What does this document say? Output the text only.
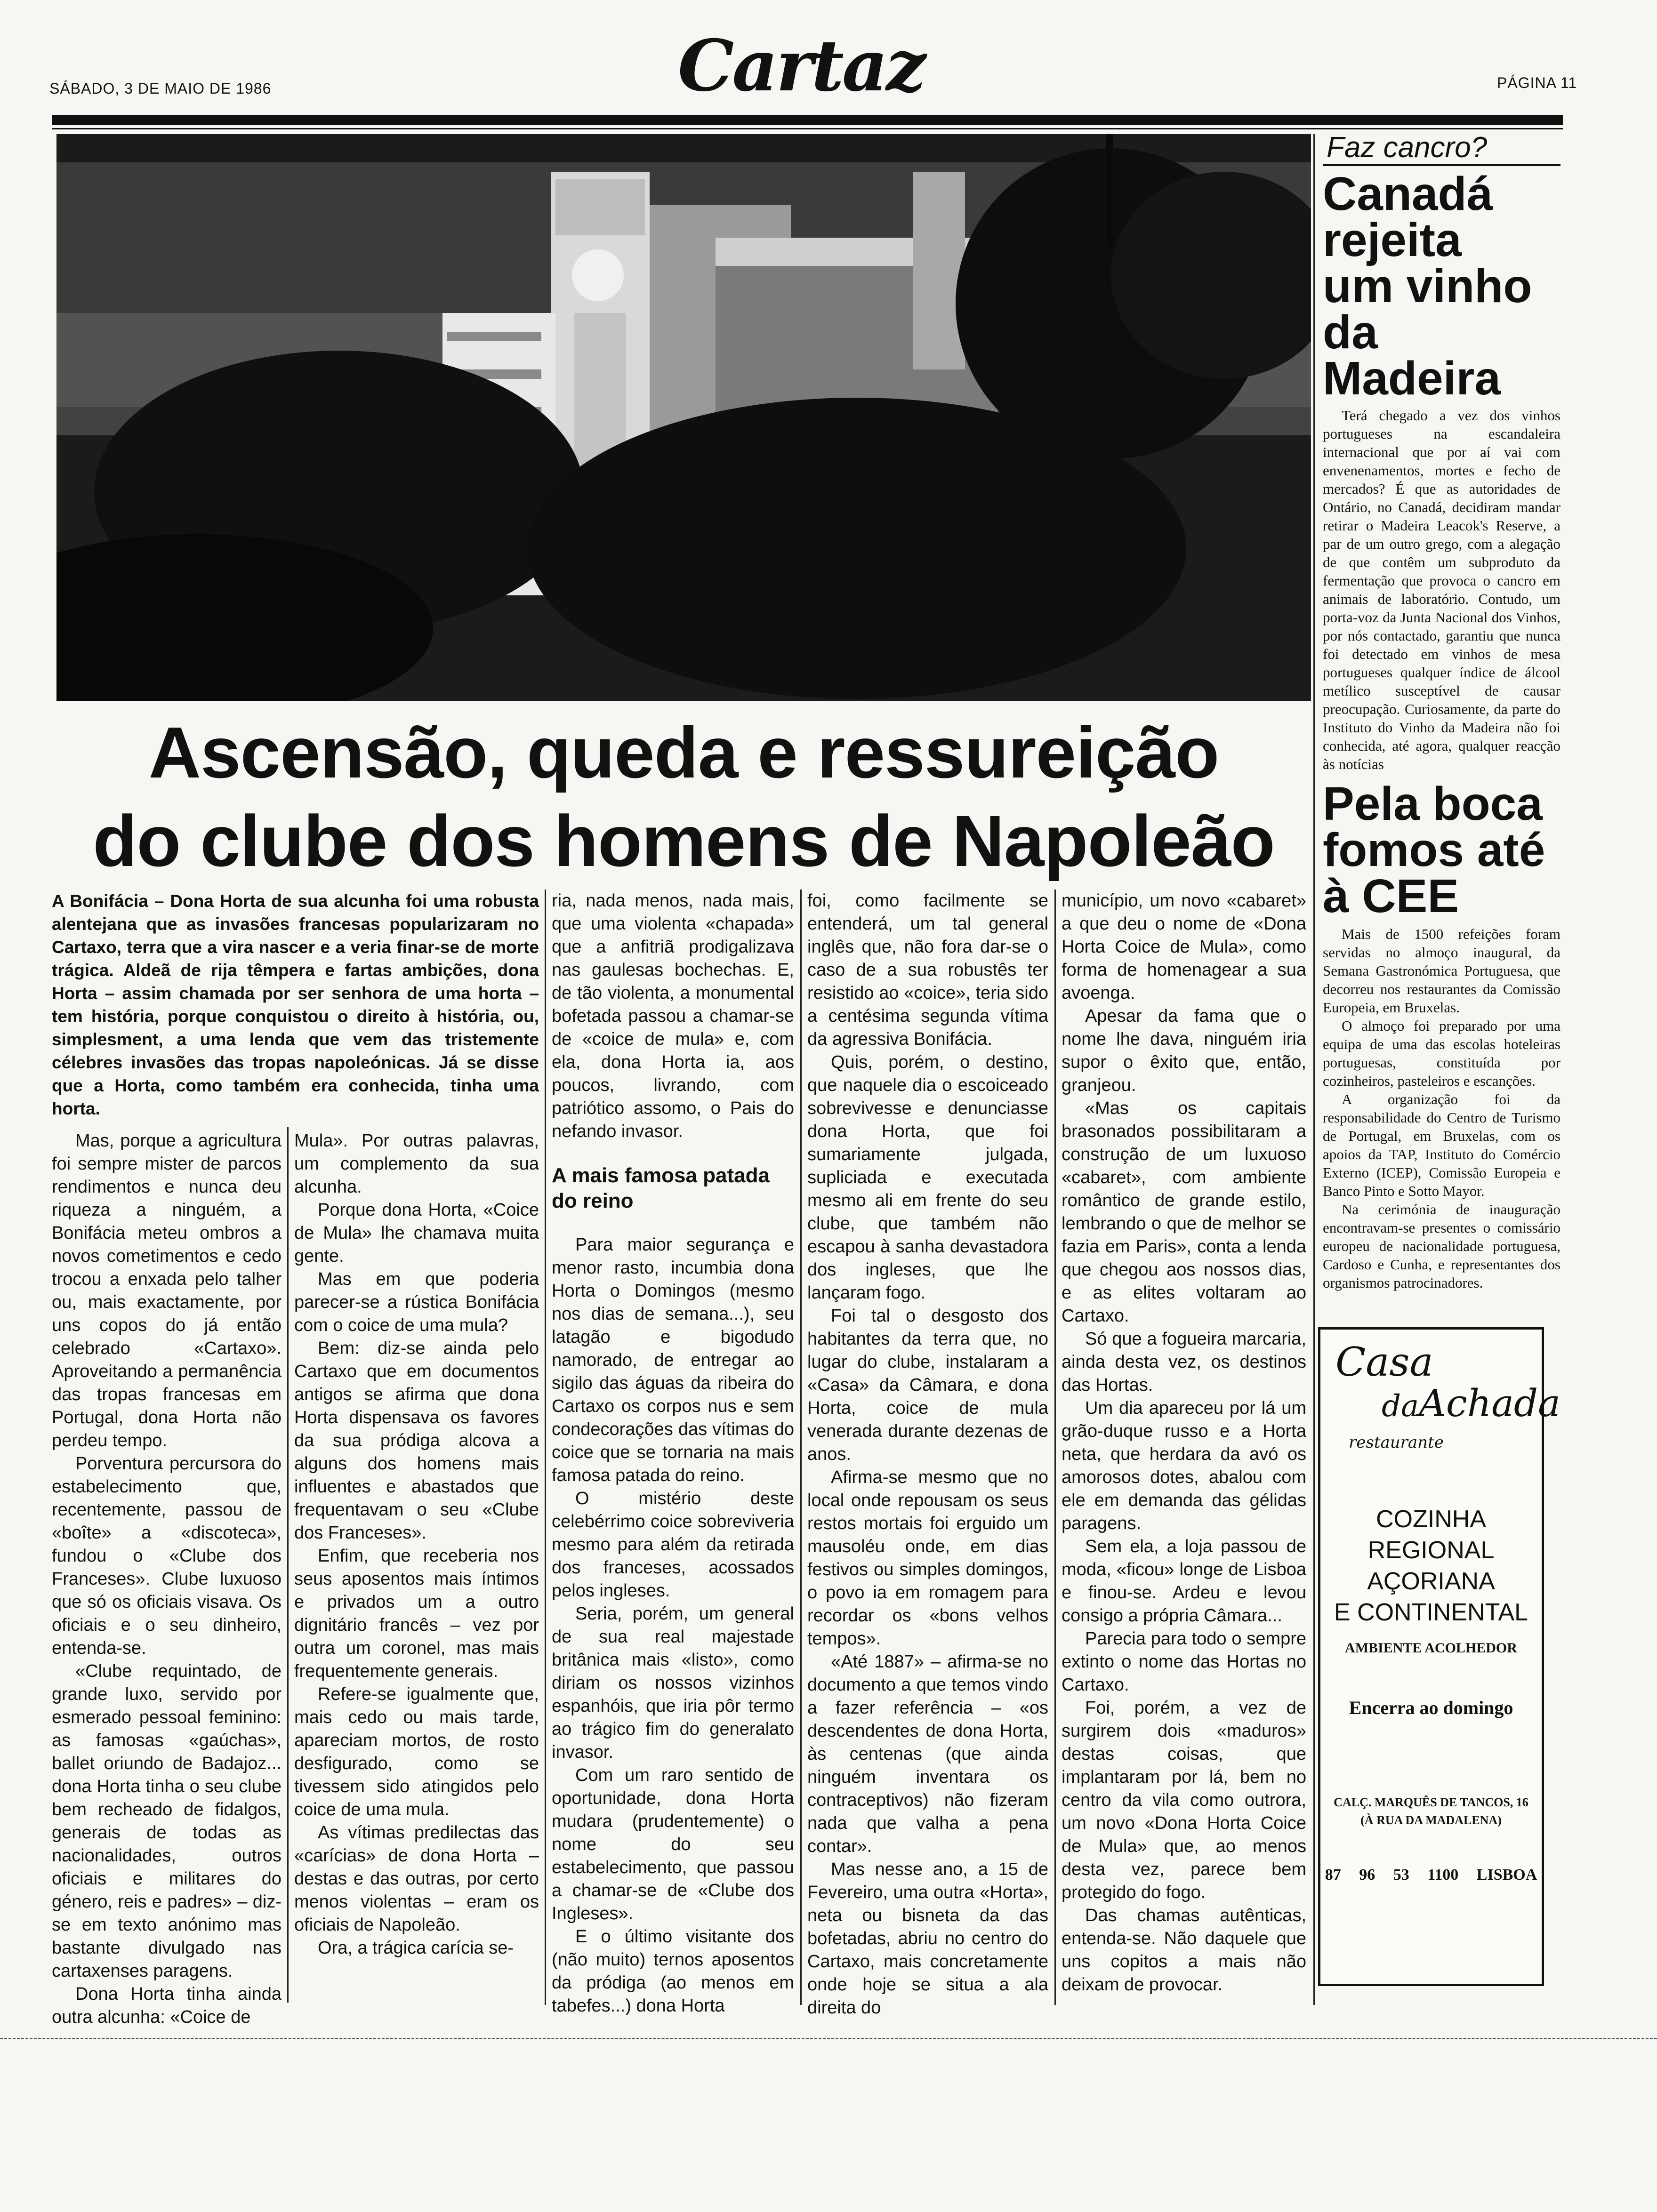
SÁBADO, 3 DE MAIO DE 1986	Cartaz	PÁGINA 11
Ascensão, queda e ressureição
do clube dos homens de Napoleão
A Bonifácia – Dona Horta de sua alcunha foi uma robusta alentejana que as invasões francesas popularizaram no Cartaxo, terra que a vira nascer e a veria finar-se de morte trágica. Aldeã de rija têmpera e fartas ambições, dona Horta – assim chamada por ser senhora de uma horta – tem história, porque conquistou o direito à história, ou, simplesment, a uma lenda que vem das tristemente célebres invasões das tropas napoleónicas. Já se disse que a Horta, como também era conhecida, tinha uma horta.

Mas, porque a agricultura foi sempre mister de parcos rendimentos e nunca deu riqueza a ninguém, a Bonifácia meteu ombros a novos cometimentos e cedo trocou a enxada pelo talher ou, mais exactamente, por uns copos do já então celebrado «Cartaxo». Aproveitando a permanência das tropas francesas em Portugal, dona Horta não perdeu tempo.

Porventura percursora do estabelecimento que, recentemente, passou de «boîte» a «discoteca», fundou o «Clube dos Franceses». Clube luxuoso que só os oficiais visava. Os oficiais e o seu dinheiro, entenda-se.

«Clube requintado, de grande luxo, servido por esmerado pessoal feminino: as famosas «gaúchas», ballet oriundo de Badajoz... dona Horta tinha o seu clube bem recheado de fidalgos, generais de todas as nacionalidades, outros oficiais e militares do género, reis e padres» – diz-se em texto anónimo mas bastante divulgado nas cartaxenses paragens.

Dona Horta tinha ainda outra alcunha: «Coice de

Mula». Por outras palavras, um complemento da sua alcunha.

Porque dona Horta, «Coice de Mula» lhe chamava muita gente.

Mas em que poderia parecer-se a rústica Bonifácia com o coice de uma mula?

Bem: diz-se ainda pelo Cartaxo que em documentos antigos se afirma que dona Horta dispensava os favores da sua pródiga alcova a alguns dos homens mais influentes e abastados que frequentavam o seu «Clube dos Franceses».

Enfim, que receberia nos seus aposentos mais íntimos e privados um a outro dignitário francês – vez por outra um coronel, mas mais frequentemente generais.

Refere-se igualmente que, mais cedo ou mais tarde, apareciam mortos, de rosto desfigurado, como se tivessem sido atingidos pelo coice de uma mula.

As vítimas predilectas das «carícias» de dona Horta – destas e das outras, por certo menos violentas – eram os oficiais de Napoleão.

Ora, a trágica carícia se-

ria, nada menos, nada mais, que uma violenta «chapada» que a anfitriã prodigalizava nas gaulesas bochechas. E, de tão violenta, a monumental bofetada passou a chamar-se de «coice de mula» e, com ela, dona Horta ia, aos poucos, livrando, com patriótico assomo, o Pais do nefando invasor.

A mais famosa patada do reino

Para maior segurança e menor rasto, incumbia dona Horta o Domingos (mesmo nos dias de semana...), seu latagão e bigodudo namorado, de entregar ao sigilo das águas da ribeira do Cartaxo os corpos nus e sem condecorações das vítimas do coice que se tornaria na mais famosa patada do reino.

O mistério deste celebérrimo coice sobreviveria mesmo para além da retirada dos franceses, acossados pelos ingleses.

Seria, porém, um general de sua real majestade britânica mais «listo», como diriam os nossos vizinhos espanhóis, que iria pôr termo ao trágico fim do generalato invasor.

Com um raro sentido de oportunidade, dona Horta mudara (prudentemente) o nome do seu estabelecimento, que passou a chamar-se de «Clube dos Ingleses».

E o último visitante dos (não muito) ternos aposentos da pródiga (ao menos em tabefes...) dona Horta

foi, como facilmente se entenderá, um tal general inglês que, não fora dar-se o caso de a sua robustês ter resistido ao «coice», teria sido a centésima segunda vítima da agressiva Bonifácia.

Quis, porém, o destino, que naquele dia o escoiceado sobrevivesse e denunciasse dona Horta, que foi sumariamente julgada, supliciada e executada mesmo ali em frente do seu clube, que também não escapou à sanha devastadora dos ingleses, que lhe lançaram fogo.

Foi tal o desgosto dos habitantes da terra que, no lugar do clube, instalaram a «Casa» da Câmara, e dona Horta, coice de mula venerada durante dezenas de anos.

Afirma-se mesmo que no local onde repousam os seus restos mortais foi erguido um mausoléu onde, em dias festivos ou simples domingos, o povo ia em romagem para recordar os «bons velhos tempos».

«Até 1887» – afirma-se no documento a que temos vindo a fazer referência – «os descendentes de dona Horta, às centenas (que ainda ninguém inventara os contraceptivos) não fizeram nada que valha a pena contar».

Mas nesse ano, a 15 de Fevereiro, uma outra «Horta», neta ou bisneta da das bofetadas, abriu no centro do Cartaxo, mais concretamente onde hoje se situa a ala direita do

município, um novo «cabaret» a que deu o nome de «Dona Horta Coice de Mula», como forma de homenagear a sua avoenga.

Apesar da fama que o nome lhe dava, ninguém iria supor o êxito que, então, granjeou.

«Mas os capitais brasonados possibilitaram a construção de um luxuoso «cabaret», com ambiente romântico de grande estilo, lembrando o que de melhor se fazia em Paris», conta a lenda que chegou aos nossos dias, e as elites voltaram ao Cartaxo.

Só que a fogueira marcaria, ainda desta vez, os destinos das Hortas.

Um dia apareceu por lá um grão-duque russo e a Horta neta, que herdara da avó os amorosos dotes, abalou com ele em demanda das gélidas paragens.

Sem ela, a loja passou de moda, «ficou» longe de Lisboa e finou-se. Ardeu e levou consigo a própria Câmara...

Parecia para todo o sempre extinto o nome das Hortas no Cartaxo.

Foi, porém, a vez de surgirem dois «maduros» destas coisas, que implantaram por lá, bem no centro da vila como outrora, um novo «Dona Horta Coice de Mula» que, ao menos desta vez, parece bem protegido do fogo.

Das chamas autênticas, entenda-se. Não daquele que uns copitos a mais não deixam de provocar.

Faz cancro?
Canadá
rejeita
um vinho
da
Madeira

Terá chegado a vez dos vinhos portugueses na escandaleira internacional que por aí vai com envenenamentos, mortes e fecho de mercados? É que as autoridades de Ontário, no Canadá, decidiram mandar retirar o Madeira Leacok's Reserve, a par de um outro grego, com a alegação de que contêm um subproduto da fermentação que provoca o cancro em animais de laboratório. Contudo, um porta-voz da Junta Nacional dos Vinhos, por nós contactado, garantiu que nunca foi detectado em vinhos de mesa portugueses qualquer índice de álcool metílico susceptível de causar preocupação. Curiosamente, da parte do Instituto do Vinho da Madeira não foi conhecida, até agora, qualquer reacção às notícias

Pela boca
fomos até
à CEE

Mais de 1500 refeições foram servidas no almoço inaugural, da Semana Gastronómica Portuguesa, que decorreu nos restaurantes da Comissão Europeia, em Bruxelas.

O almoço foi preparado por uma equipa de uma das escolas hoteleiras portuguesas, constituída por cozinheiros, pasteleiros e escanções.

A organização foi da responsabilidade do Centro de Turismo de Portugal, em Bruxelas, com os apoios da TAP, Instituto do Comércio Externo (ICEP), Comissão Europeia e Banco Pinto e Sotto Mayor.

Na cerimónia de inauguração encontravam-se presentes o comissário europeu de nacionalidade portuguesa, Cardoso e Cunha, e representantes dos organismos patrocinadores.

Casa
daAchada
restaurante
COZINHA REGIONAL
AÇORIANA
E CONTINENTAL
AMBIENTE ACOLHEDOR
Encerra ao domingo
CALÇ. MARQUÊS DE TANCOS, 16
(À RUA DA MADALENA)
87 96 53 1100 LISBOA
